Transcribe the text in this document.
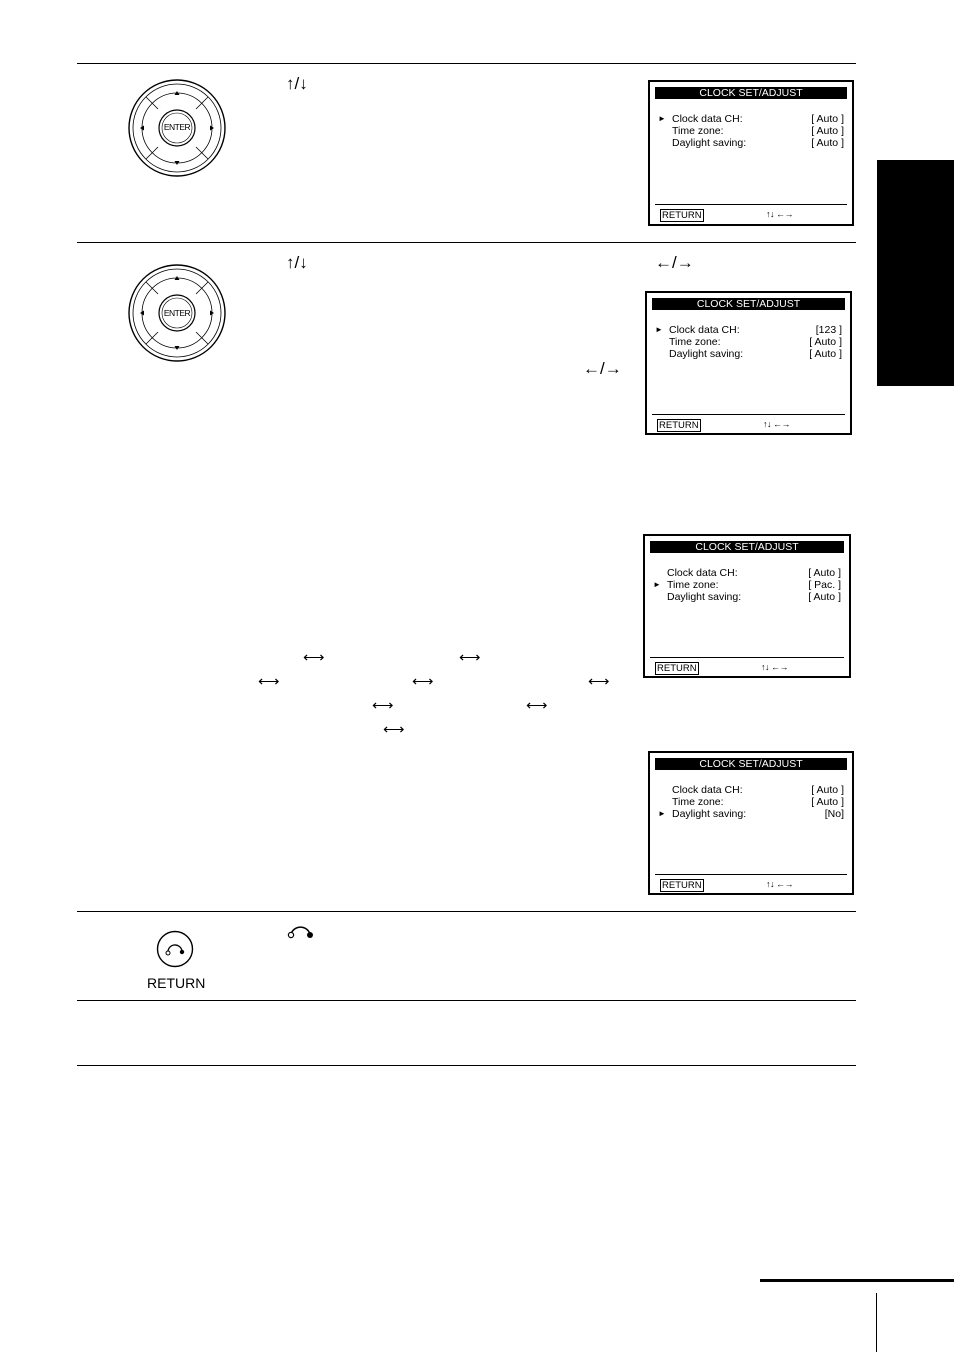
ENTER
ENTER
RETURN
↑/↓
↑/↓	←/→
←/→
⟷	⟷
⟷	⟷	⟷
⟷	⟷
⟷
CLOCK SET/ADJUST
► Clock data CH:	[ Auto ]
Time zone:	[ Auto ]
Daylight saving:	[ Auto ]
RETURN	↑↓ ←→
CLOCK SET/ADJUST
► Clock data CH:	[123 ]
Time zone:	[ Auto ]
Daylight saving:	[ Auto ]
RETURN	↑↓ ←→
CLOCK SET/ADJUST
Clock data CH:	[ Auto ]
► Time zone:	[ Pac. ]
Daylight saving:	[ Auto ]
RETURN	↑↓ ←→
CLOCK SET/ADJUST
Clock data CH:	[ Auto ]
Time zone:	[ Auto ]
► Daylight saving:	[No]
RETURN	↑↓ ←→
